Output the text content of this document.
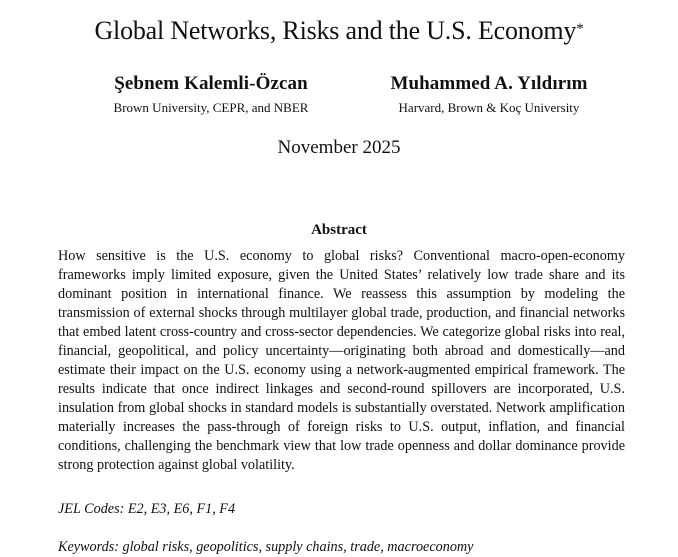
Global Networks, Risks and the U.S. Economy*
Şebnem Kalemli-Özcan
Brown University, CEPR, and NBER
Muhammed A. Yıldırım
Harvard, Brown & Koç University
November 2025
Abstract
How sensitive is the U.S. economy to global risks? Conventional macro-open-economy frameworks imply limited exposure, given the United States’ relatively low trade share and its dominant position in international finance. We reassess this assumption by modeling the transmission of external shocks through multilayer global trade, production, and financial networks that embed latent cross-country and cross-sector dependencies. We categorize global risks into real, financial, geopolitical, and policy uncertainty—originating both abroad and domestically—and estimate their impact on the U.S. economy using a network-augmented empirical framework. The results indicate that once indirect linkages and second-round spillovers are incorporated, U.S. insulation from global shocks in standard models is substantially overstated. Network amplification materially increases the pass-through of foreign risks to U.S. output, inflation, and financial conditions, challenging the benchmark view that low trade openness and dollar dominance provide strong protection against global volatility.
JEL Codes: E2, E3, E6, F1, F4
Keywords: global risks, geopolitics, supply chains, trade, macroeconomy
